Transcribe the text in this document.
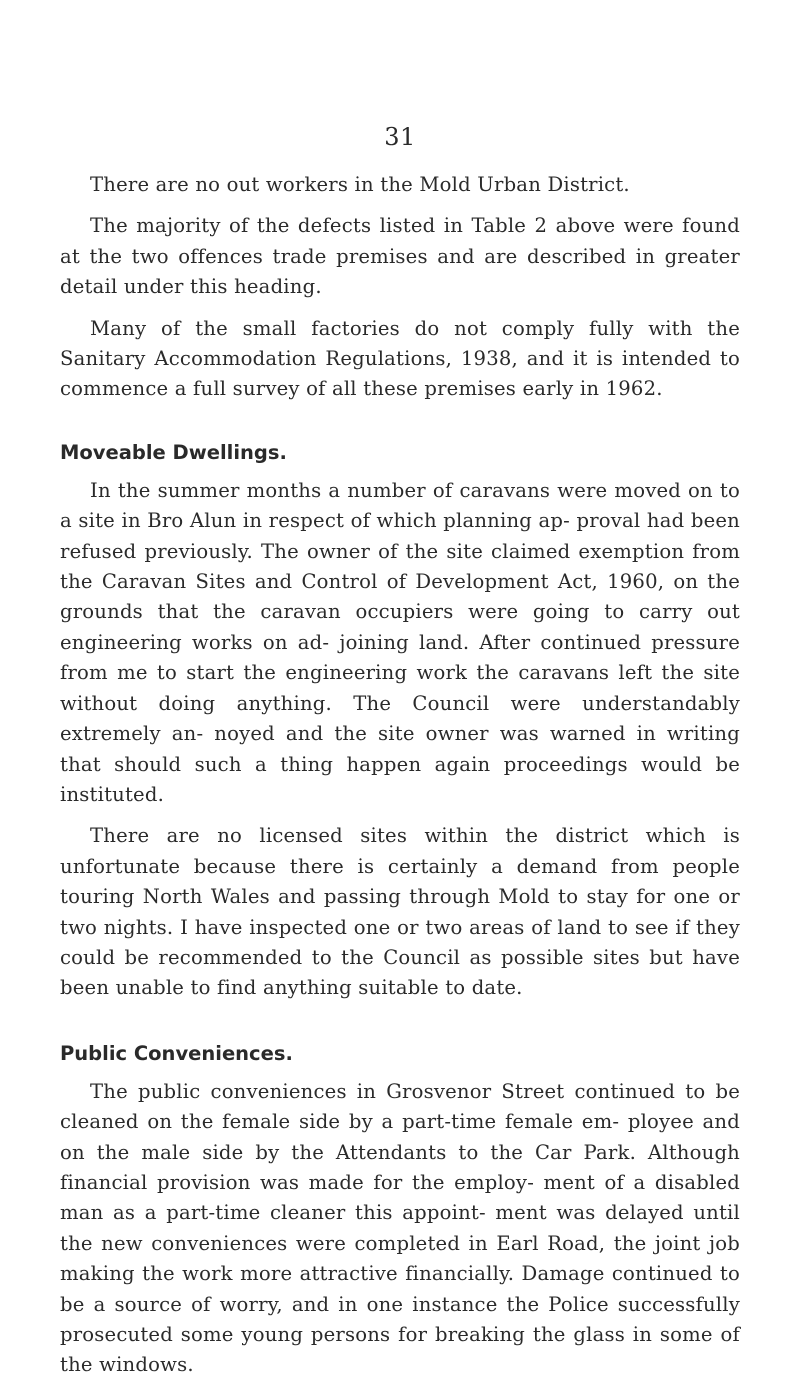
31

There are no out workers in the Mold Urban District.

The majority of the defects listed in Table 2 above were found at the two offences trade premises and are described in greater detail under this heading.

Many of the small factories do not comply fully with the Sanitary Accommodation Regulations, 1938, and it is intended to commence a full survey of all these premises early in 1962.

Moveable Dwellings.

In the summer months a number of caravans were moved on to a site in Bro Alun in respect of which planning ap- proval had been refused previously. The owner of the site claimed exemption from the Caravan Sites and Control of Development Act, 1960, on the grounds that the caravan occupiers were going to carry out engineering works on ad- joining land. After continued pressure from me to start the engineering work the caravans left the site without doing anything. The Council were understandably extremely an- noyed and the site owner was warned in writing that should such a thing happen again proceedings would be instituted.

There are no licensed sites within the district which is unfortunate because there is certainly a demand from people touring North Wales and passing through Mold to stay for one or two nights. I have inspected one or two areas of land to see if they could be recommended to the Council as possible sites but have been unable to find anything suitable to date.

Public Conveniences.

The public conveniences in Grosvenor Street continued to be cleaned on the female side by a part-time female em- ployee and on the male side by the Attendants to the Car Park. Although financial provision was made for the employ- ment of a disabled man as a part-time cleaner this appoint- ment was delayed until the new conveniences were completed in Earl Road, the joint job making the work more attractive financially. Damage continued to be a source of worry, and in one instance the Police successfully prosecuted some young persons for breaking the glass in some of the windows.
